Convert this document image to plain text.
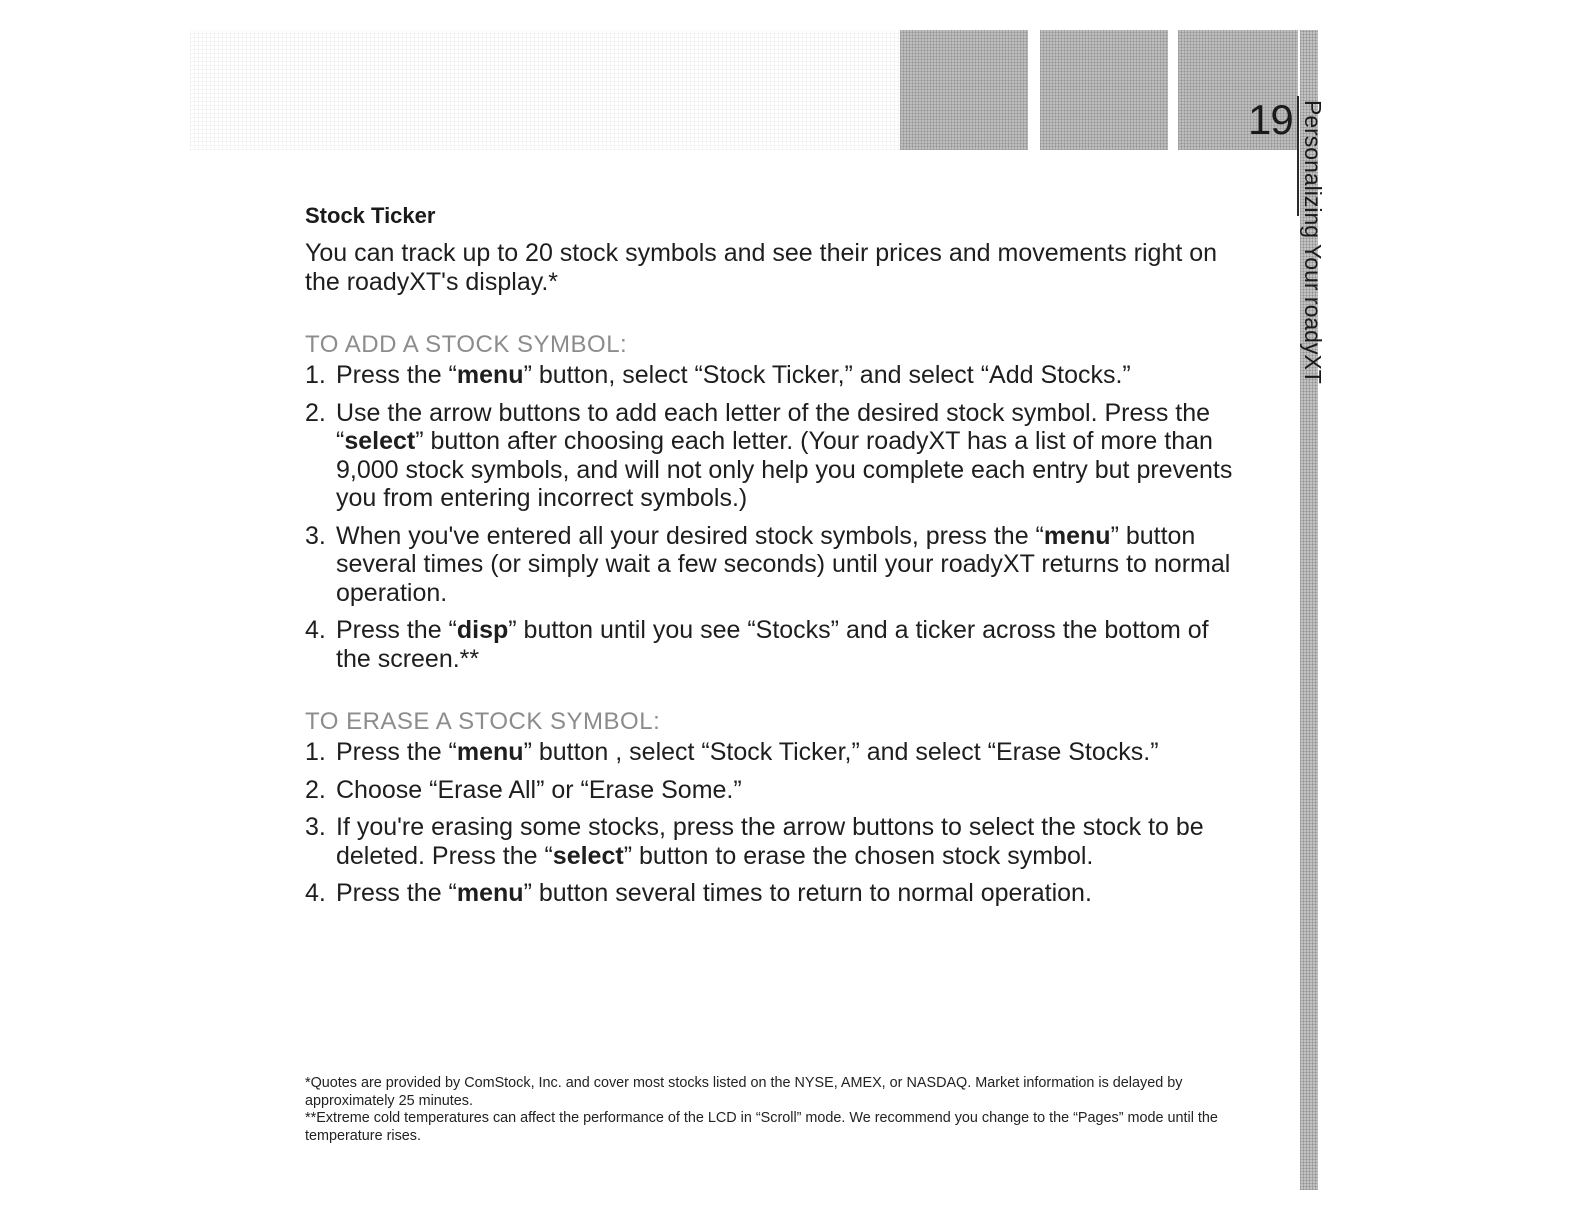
19 Personalizing Your roadyXT
Stock Ticker

You can track up to 20 stock symbols and see their prices and movements right on the roadyXT's display.*

TO ADD A STOCK SYMBOL:
1. Press the “menu” button, select “Stock Ticker,” and select “Add Stocks.”
2. Use the arrow buttons to add each letter of the desired stock symbol. Press the “select” button after choosing each letter. (Your roadyXT has a list of more than 9,000 stock symbols, and will not only help you complete each entry but prevents you from entering incorrect symbols.)
3. When you've entered all your desired stock symbols, press the “menu” button several times (or simply wait a few seconds) until your roadyXT returns to normal operation.
4. Press the “disp” button until you see “Stocks” and a ticker across the bottom of the screen.**
TO ERASE A STOCK SYMBOL:
1. Press the “menu” button , select “Stock Ticker,” and select “Erase Stocks.”
2. Choose “Erase All” or “Erase Some.”
3. If you're erasing some stocks, press the arrow buttons to select the stock to be deleted. Press the “select” button to erase the chosen stock symbol.
4. Press the “menu” button several times to return to normal operation.

*Quotes are provided by ComStock, Inc. and cover most stocks listed on the NYSE, AMEX, or NASDAQ. Market information is delayed by approximately 25 minutes.

**Extreme cold temperatures can affect the performance of the LCD in “Scroll” mode. We recommend you change to the “Pages” mode until the temperature rises.
